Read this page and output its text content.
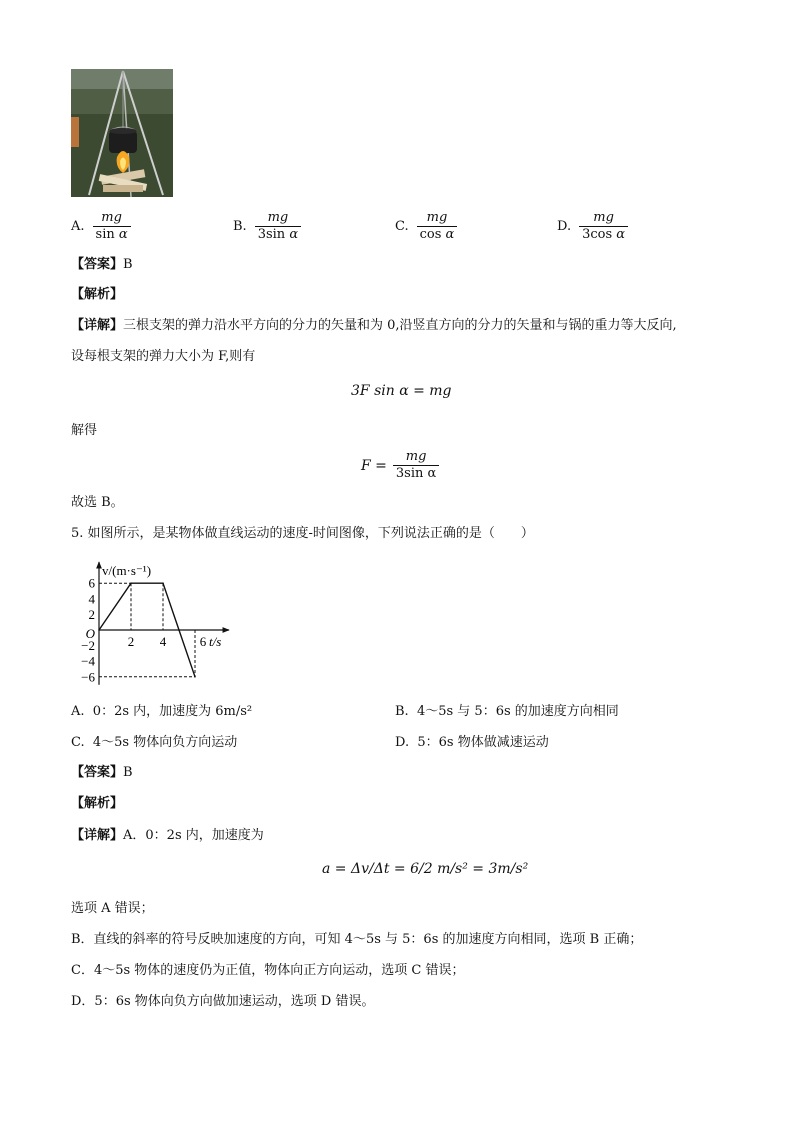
A. $\frac{mg}{\text{sin α}}$	B. $\frac{mg}{\text{3sin α}}$	C. $\frac{mg}{\text{cos α}}$	D. $\frac{mg}{\text{3cos α}}$
【答案】B
【解析】
【详解】三根支架的弹力沿水平方向的分力的矢量和为 0,沿竖直方向的分力的矢量和与锅的重力等大反向,
设每根支架的弹力大小为 F,则有
3F sin α = mg
解得
$F = \frac{mg}{\text{3sin α}}$
故选 B。
5. 如图所示，是某物体做直线运动的速度-时间图像，下列说法正确的是（　　）
6
4
2
−2
−4
−6
2 4	6
O
v/(m·s⁻¹)
t/s
A. 0：2s 内，加速度为 6m/s²	B. 4～5s 与 5：6s 的加速度方向相同
C. 4～5s 物体向负方向运动	D. 5：6s 物体做减速运动
【答案】B
【解析】
【详解】A．0：2s 内，加速度为
a = Δv/Δt = 6/2 m/s² = 3m/s²
选项 A 错误；
B．直线的斜率的符号反映加速度的方向，可知 4～5s 与 5：6s 的加速度方向相同，选项 B 正确；
C．4～5s 物体的速度仍为正值，物体向正方向运动，选项 C 错误；
D．5：6s 物体向负方向做加速运动，选项 D 错误。
